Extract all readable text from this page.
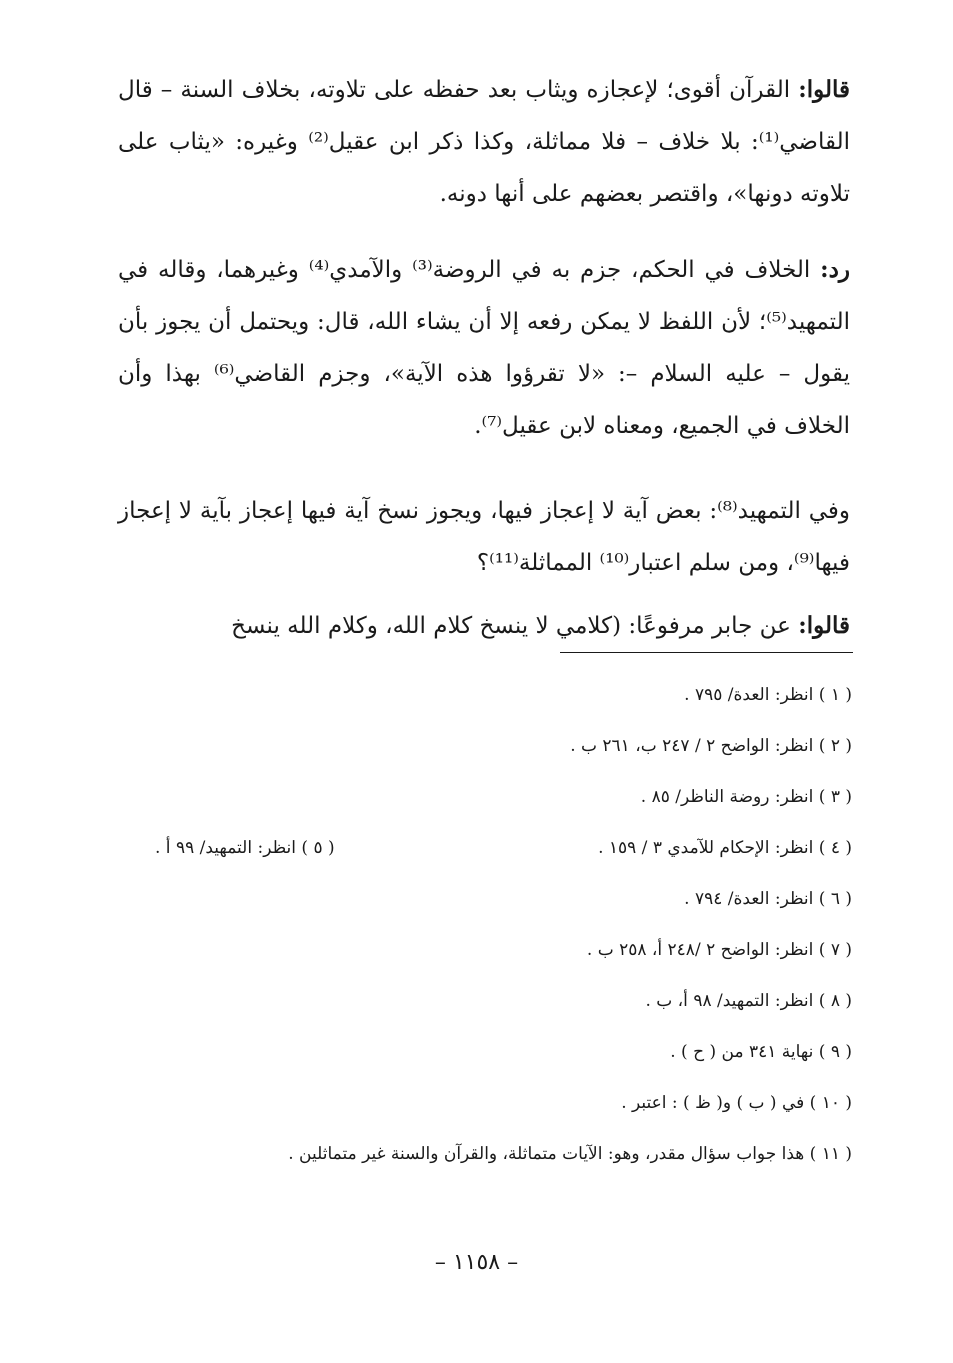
قالوا: القرآن أقوى؛ لإعجازه ويثاب بعد حفظه على تلاوته، بخلاف السنة – قال القاضي⁽¹⁾: بلا خلاف – فلا مماثلة، وكذا ذكر ابن عقيل⁽²⁾ وغيره: «يثاب على تلاوته دونها»، واقتصر بعضهم على أنها دونه.

رد: الخلاف في الحكم، جزم به في الروضة⁽³⁾ والآمدي⁽⁴⁾ وغيرهما، وقاله في التمهيد⁽⁵⁾؛ لأن اللفظ لا يمكن رفعه إلا أن يشاء الله، قال: ويحتمل أن يجوز بأن يقول – عليه السلام –: «لا تقرؤوا هذه الآية»، وجزم القاضي⁽⁶⁾ بهذا وأن الخلاف في الجميع، ومعناه لابن عقيل⁽⁷⁾.

وفي التمهيد⁽⁸⁾: بعض آية لا إعجاز فيها، ويجوز نسخ آية فيها إعجاز بآية لا إعجاز فيها⁽⁹⁾، ومن سلم اعتبار⁽¹⁰⁾ المماثلة⁽¹¹⁾؟

قالوا: عن جابر مرفوعًا: (كلامي لا ينسخ كلام الله، وكلام الله ينسخ

( ١ ) انظر: العدة/ ٧٩٥ .
( ٢ ) انظر: الواضح ٢ / ٢٤٧ ب، ٢٦١ ب .
( ٣ ) انظر: روضة الناظر/ ٨٥ .
( ٤ ) انظر: الإحكام للآمدي ٣ / ١٥٩ .
( ٥ ) انظر: التمهيد/ ٩٩ أ .
( ٦ ) انظر: العدة/ ٧٩٤ .
( ٧ ) انظر: الواضح ٢ /٢٤٨ أ، ٢٥٨ ب .
( ٨ ) انظر: التمهيد/ ٩٨ أ، ب .
( ٩ ) نهاية ٣٤١ من ( ح ) .
( ١٠ ) في ( ب ) و( ظ ) : اعتبر .
( ١١ ) هذا جواب سؤال مقدر، وهو: الآيات متماثلة، والقرآن والسنة غير متماثلين .
– ١١٥٨ –
